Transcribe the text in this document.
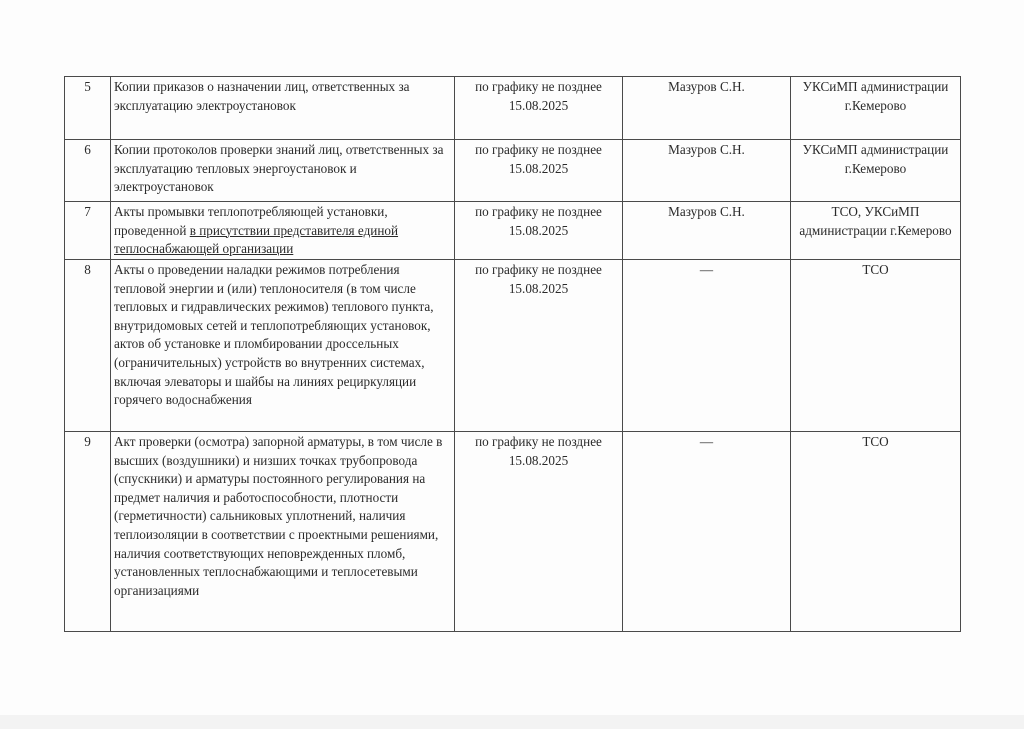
5	Копии приказов о назначении лиц, ответственных за эксплуатацию электроустановок	по графику не позднее 15.08.2025	Мазуров С.Н.	УКСиМП администрации г.Кемерово
6	Копии протоколов проверки знаний лиц, ответственных за эксплуатацию тепловых энергоустановок и электроустановок	по графику не позднее 15.08.2025	Мазуров С.Н.	УКСиМП администрации г.Кемерово
7	Акты промывки теплопотребляющей установки, проведенной в присутствии представителя единой теплоснабжающей организации	по графику не позднее 15.08.2025	Мазуров С.Н.	ТСО, УКСиМП администрации г.Кемерово
8	Акты о проведении наладки режимов потребления тепловой энергии и (или) теплоносителя (в том числе тепловых и гидравлических режимов) теплового пункта, внутридомовых сетей и теплопотребляющих установок, актов об установке и пломбировании дроссельных (ограничительных) устройств во внутренних системах, включая элеваторы и шайбы на линиях рециркуляции горячего водоснабжения	по графику не позднее 15.08.2025	—	ТСО
9	Акт проверки (осмотра) запорной арматуры, в том числе в высших (воздушники) и низших точках трубопровода (спускники) и арматуры постоянного регулирования на предмет наличия и работоспособности, плотности (герметичности) сальниковых уплотнений, наличия теплоизоляции в соответствии с проектными решениями, наличия соответствующих неповрежденных пломб, установленных теплоснабжающими и теплосетевыми организациями	по графику не позднее 15.08.2025	—	ТСО
